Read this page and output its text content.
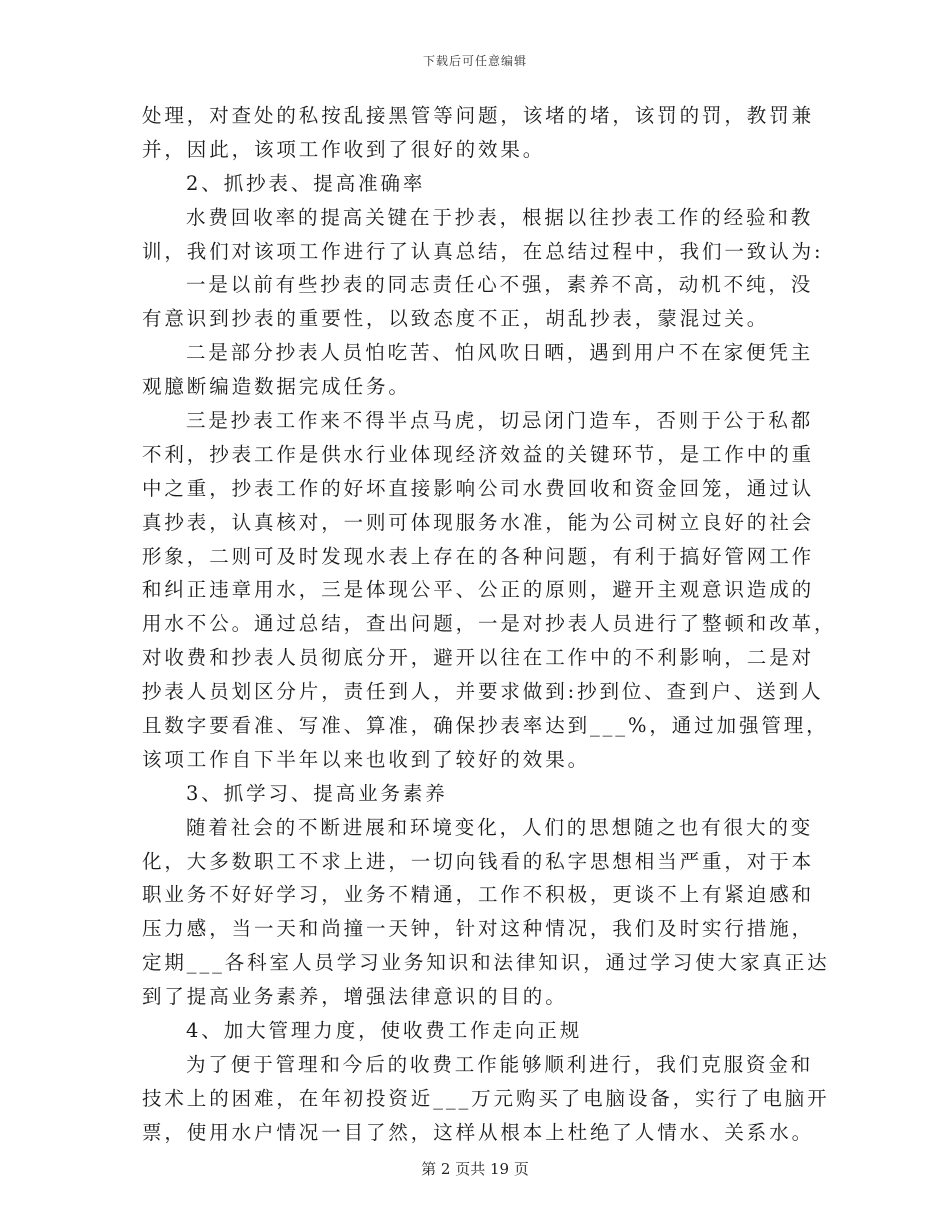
下载后可任意编辑
处理，对查处的私按乱接黑管等问题，该堵的堵，该罚的罚，教罚兼
并，因此，该项工作收到了很好的效果。
2、抓抄表、提高准确率
水费回收率的提高关键在于抄表，根据以往抄表工作的经验和教
训，我们对该项工作进行了认真总结，在总结过程中，我们一致认为:
一是以前有些抄表的同志责任心不强，素养不高，动机不纯，没
有意识到抄表的重要性，以致态度不正，胡乱抄表，蒙混过关。
二是部分抄表人员怕吃苦、怕风吹日晒，遇到用户不在家便凭主
观臆断编造数据完成任务。
三是抄表工作来不得半点马虎，切忌闭门造车，否则于公于私都
不利，抄表工作是供水行业体现经济效益的关键环节，是工作中的重
中之重，抄表工作的好坏直接影响公司水费回收和资金回笼，通过认
真抄表，认真核对，一则可体现服务水准，能为公司树立良好的社会
形象，二则可及时发现水表上存在的各种问题，有利于搞好管网工作
和纠正违章用水，三是体现公平、公正的原则，避开主观意识造成的
用水不公。通过总结，查出问题，一是对抄表人员进行了整顿和改革，
对收费和抄表人员彻底分开，避开以往在工作中的不利影响，二是对
抄表人员划区分片，责任到人，并要求做到:抄到位、查到户、送到人
且数字要看准、写准、算准，确保抄表率达到___%，通过加强管理，
该项工作自下半年以来也收到了较好的效果。
3、抓学习、提高业务素养
随着社会的不断进展和环境变化，人们的思想随之也有很大的变
化，大多数职工不求上进，一切向钱看的私字思想相当严重，对于本
职业务不好好学习，业务不精通，工作不积极，更谈不上有紧迫感和
压力感，当一天和尚撞一天钟，针对这种情况，我们及时实行措施，
定期___各科室人员学习业务知识和法律知识，通过学习使大家真正达
到了提高业务素养，增强法律意识的目的。
4、加大管理力度，使收费工作走向正规
为了便于管理和今后的收费工作能够顺利进行，我们克服资金和
技术上的困难，在年初投资近___万元购买了电脑设备，实行了电脑开
票，使用水户情况一目了然，这样从根本上杜绝了人情水、关系水。
第 2 页共 19 页
